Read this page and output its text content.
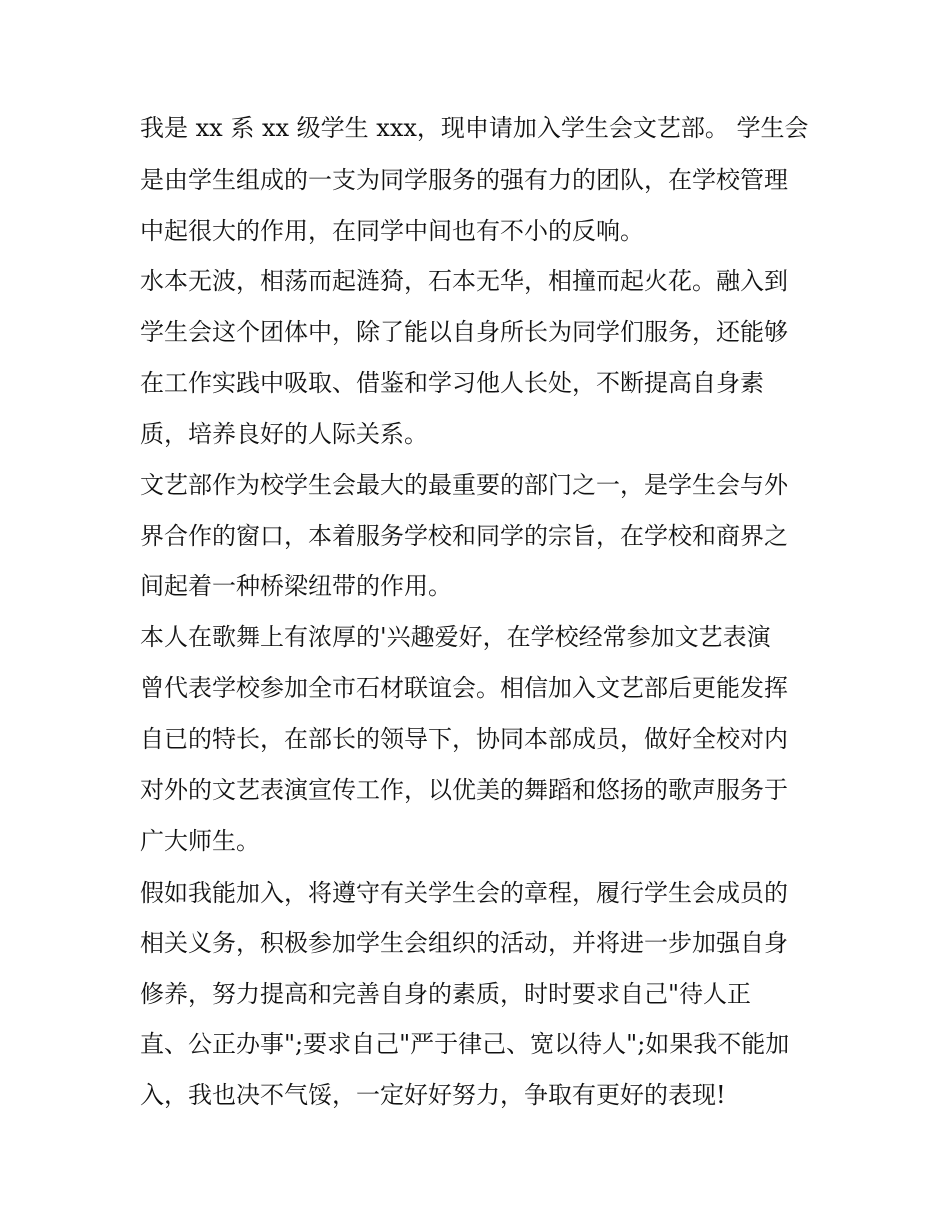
我是 xx 系 xx 级学生 xxx，现申请加入学生会文艺部。 学生会
是由学生组成的一支为同学服务的强有力的团队，在学校管理
中起很大的作用，在同学中间也有不小的反响。
水本无波，相荡而起涟猗，石本无华，相撞而起火花。融入到
学生会这个团体中，除了能以自身所长为同学们服务，还能够
在工作实践中吸取、借鉴和学习他人长处，不断提高自身素
质，培养良好的人际关系。
文艺部作为校学生会最大的最重要的部门之一，是学生会与外
界合作的窗口，本着服务学校和同学的宗旨，在学校和商界之
间起着一种桥梁纽带的作用。
本人在歌舞上有浓厚的'兴趣爱好，在学校经常参加文艺表演
曾代表学校参加全市石材联谊会。相信加入文艺部后更能发挥
自已的特长，在部长的领导下，协同本部成员，做好全校对内
对外的文艺表演宣传工作，以优美的舞蹈和悠扬的歌声服务于
广大师生。
假如我能加入，将遵守有关学生会的章程，履行学生会成员的
相关义务，积极参加学生会组织的活动，并将进一步加强自身
修养，努力提高和完善自身的素质，时时要求自己"待人正
直、公正办事";要求自己"严于律己、宽以待人";如果我不能加
入，我也决不气馁，一定好好努力，争取有更好的表现!
